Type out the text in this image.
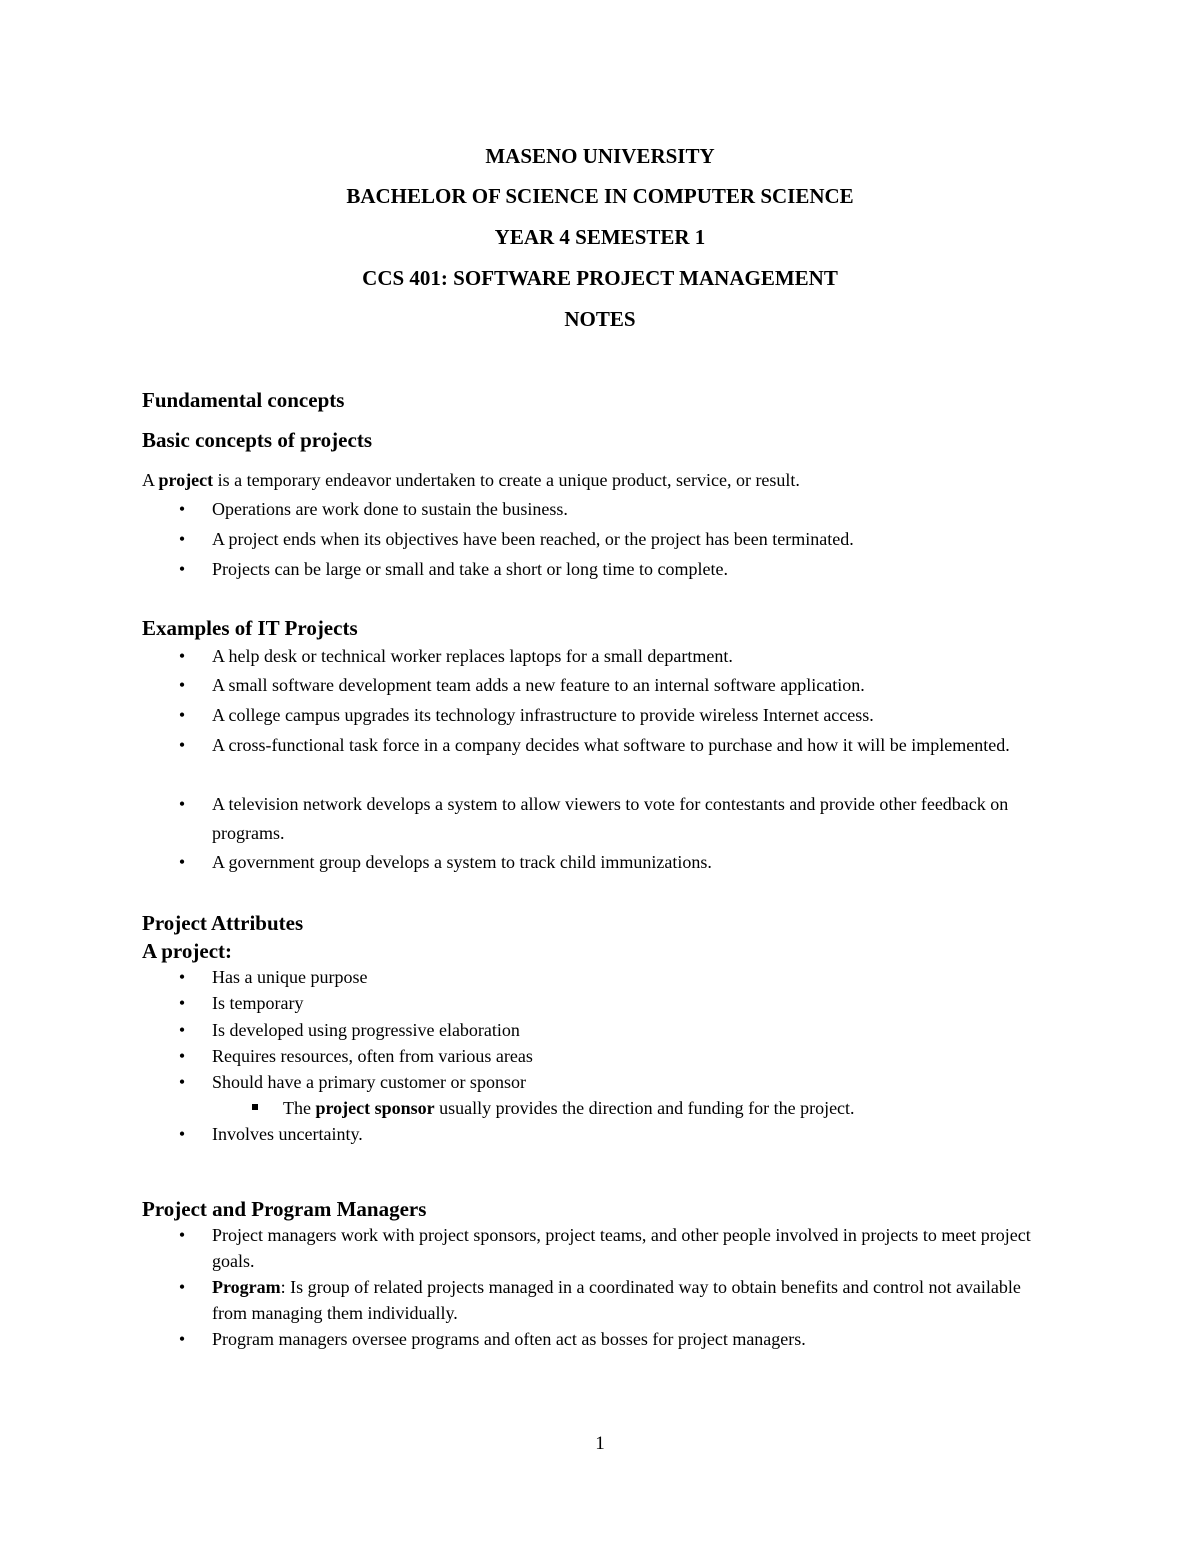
MASENO UNIVERSITY
BACHELOR OF SCIENCE IN COMPUTER SCIENCE
YEAR 4 SEMESTER 1
CCS 401: SOFTWARE PROJECT MANAGEMENT
NOTES
Fundamental concepts
Basic concepts of projects
A project is a temporary endeavor undertaken to create a unique product, service, or result.
• Operations are work done to sustain the business.
• A project ends when its objectives have been reached, or the project has been terminated.
• Projects can be large or small and take a short or long time to complete.
Examples of IT Projects
• A help desk or technical worker replaces laptops for a small department.
• A small software development team adds a new feature to an internal software application.
• A college campus upgrades its technology infrastructure to provide wireless Internet access.
• A cross-functional task force in a company decides what software to purchase and how it will be implemented.
• A television network develops a system to allow viewers to vote for contestants and provide other feedback on programs.
• A government group develops a system to track child immunizations.
Project Attributes
A project:
• Has a unique purpose
• Is temporary
• Is developed using progressive elaboration
• Requires resources, often from various areas
• Should have a primary customer or sponsor
The project sponsor usually provides the direction and funding for the project.
• Involves uncertainty.
Project and Program Managers
• Project managers work with project sponsors, project teams, and other people involved in projects to meet project goals.
• Program: Is group of related projects managed in a coordinated way to obtain benefits and control not available from managing them individually.
• Program managers oversee programs and often act as bosses for project managers.
1
